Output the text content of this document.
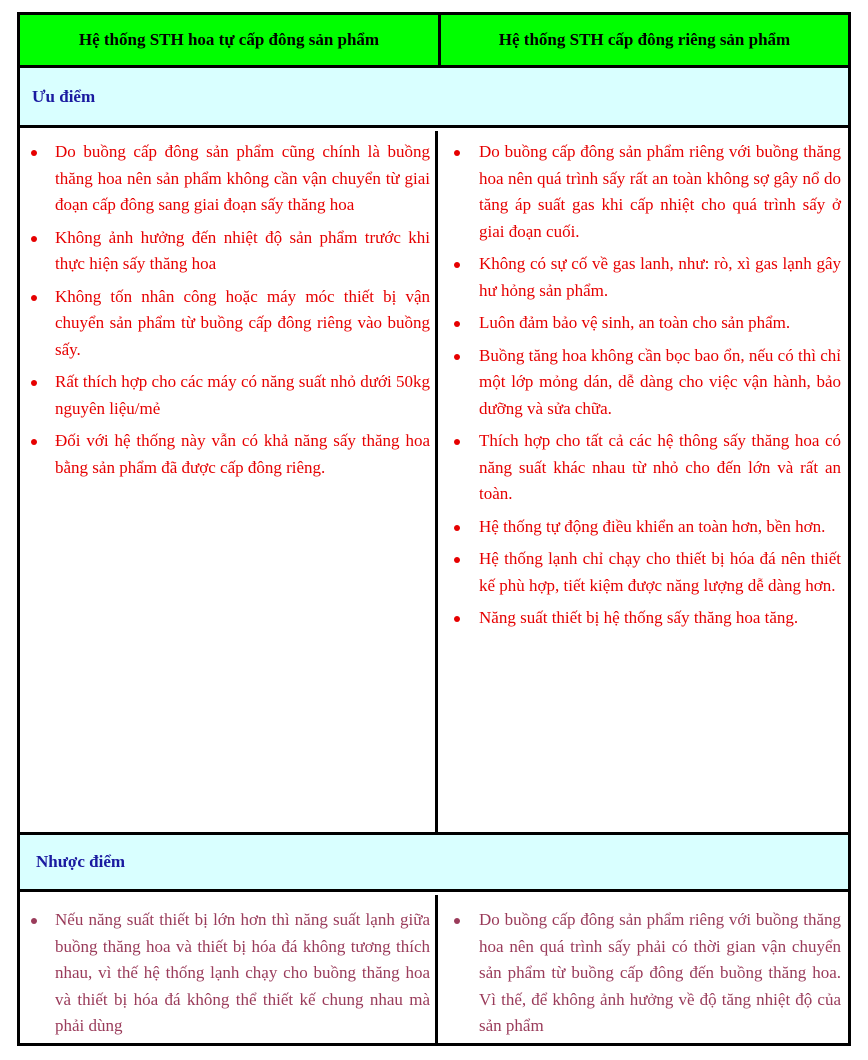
Hệ thống STH hoa tự cấp đông sản phẩm	Hệ thống STH cấp đông riêng sản phẩm
Ưu điểm
Do buồng cấp đông sản phẩm cũng chính là buồng thăng hoa nên sản phẩm không cần vận chuyển từ giai đoạn cấp đông sang giai đoạn sấy thăng hoa
Không ảnh hưởng đến nhiệt độ sản phẩm trước khi thực hiện sấy thăng hoa
Không tốn nhân công hoặc máy móc thiết bị vận chuyển sản phẩm từ buồng cấp đông riêng vào buồng sấy.
Rất thích hợp cho các máy có năng suất nhỏ dưới 50kg nguyên liệu/mẻ
Đối với hệ thống này vẫn có khả năng sấy thăng hoa bằng sản phẩm đã được cấp đông riêng.
Do buồng cấp đông sản phẩm riêng với buồng thăng hoa nên quá trình sấy rất an toàn không sợ gây nổ do tăng áp suất gas khi cấp nhiệt cho quá trình sấy ở giai đoạn cuối.
Không có sự cố về gas lanh, như: rò, xì gas lạnh gây hư hỏng sản phẩm.
Luôn đảm bảo vệ sinh, an toàn cho sản phẩm.
Buồng tăng hoa không cần bọc bao ổn, nếu có thì chỉ một lớp mỏng dán, dễ dàng cho việc vận hành, bảo dưỡng và sửa chữa.
Thích hợp cho tất cả các hệ thông sấy thăng hoa có năng suất khác nhau từ nhỏ cho đến lớn và rất an toàn.
Hệ thống tự động điều khiển an toàn hơn, bền hơn.
Hệ thống lạnh chỉ chạy cho thiết bị hóa đá nên thiết kế phù hợp, tiết kiệm được năng lượng dễ dàng hơn.
Năng suất thiết bị hệ thống sấy thăng hoa tăng.
Nhược điểm
Nếu năng suất thiết bị lớn hơn thì năng suất lạnh giữa buồng thăng hoa và thiết bị hóa đá không tương thích nhau, vì thế hệ thống lạnh chạy cho buồng thăng hoa và thiết bị hóa đá không thể thiết kế chung nhau mà phải dùng
Do buồng cấp đông sản phẩm riêng với buồng thăng hoa nên quá trình sấy phải có thời gian vận chuyển sản phẩm từ buồng cấp đông đến buồng thăng hoa. Vì thế, để không ảnh hưởng về độ tăng nhiệt độ của sản phẩm
